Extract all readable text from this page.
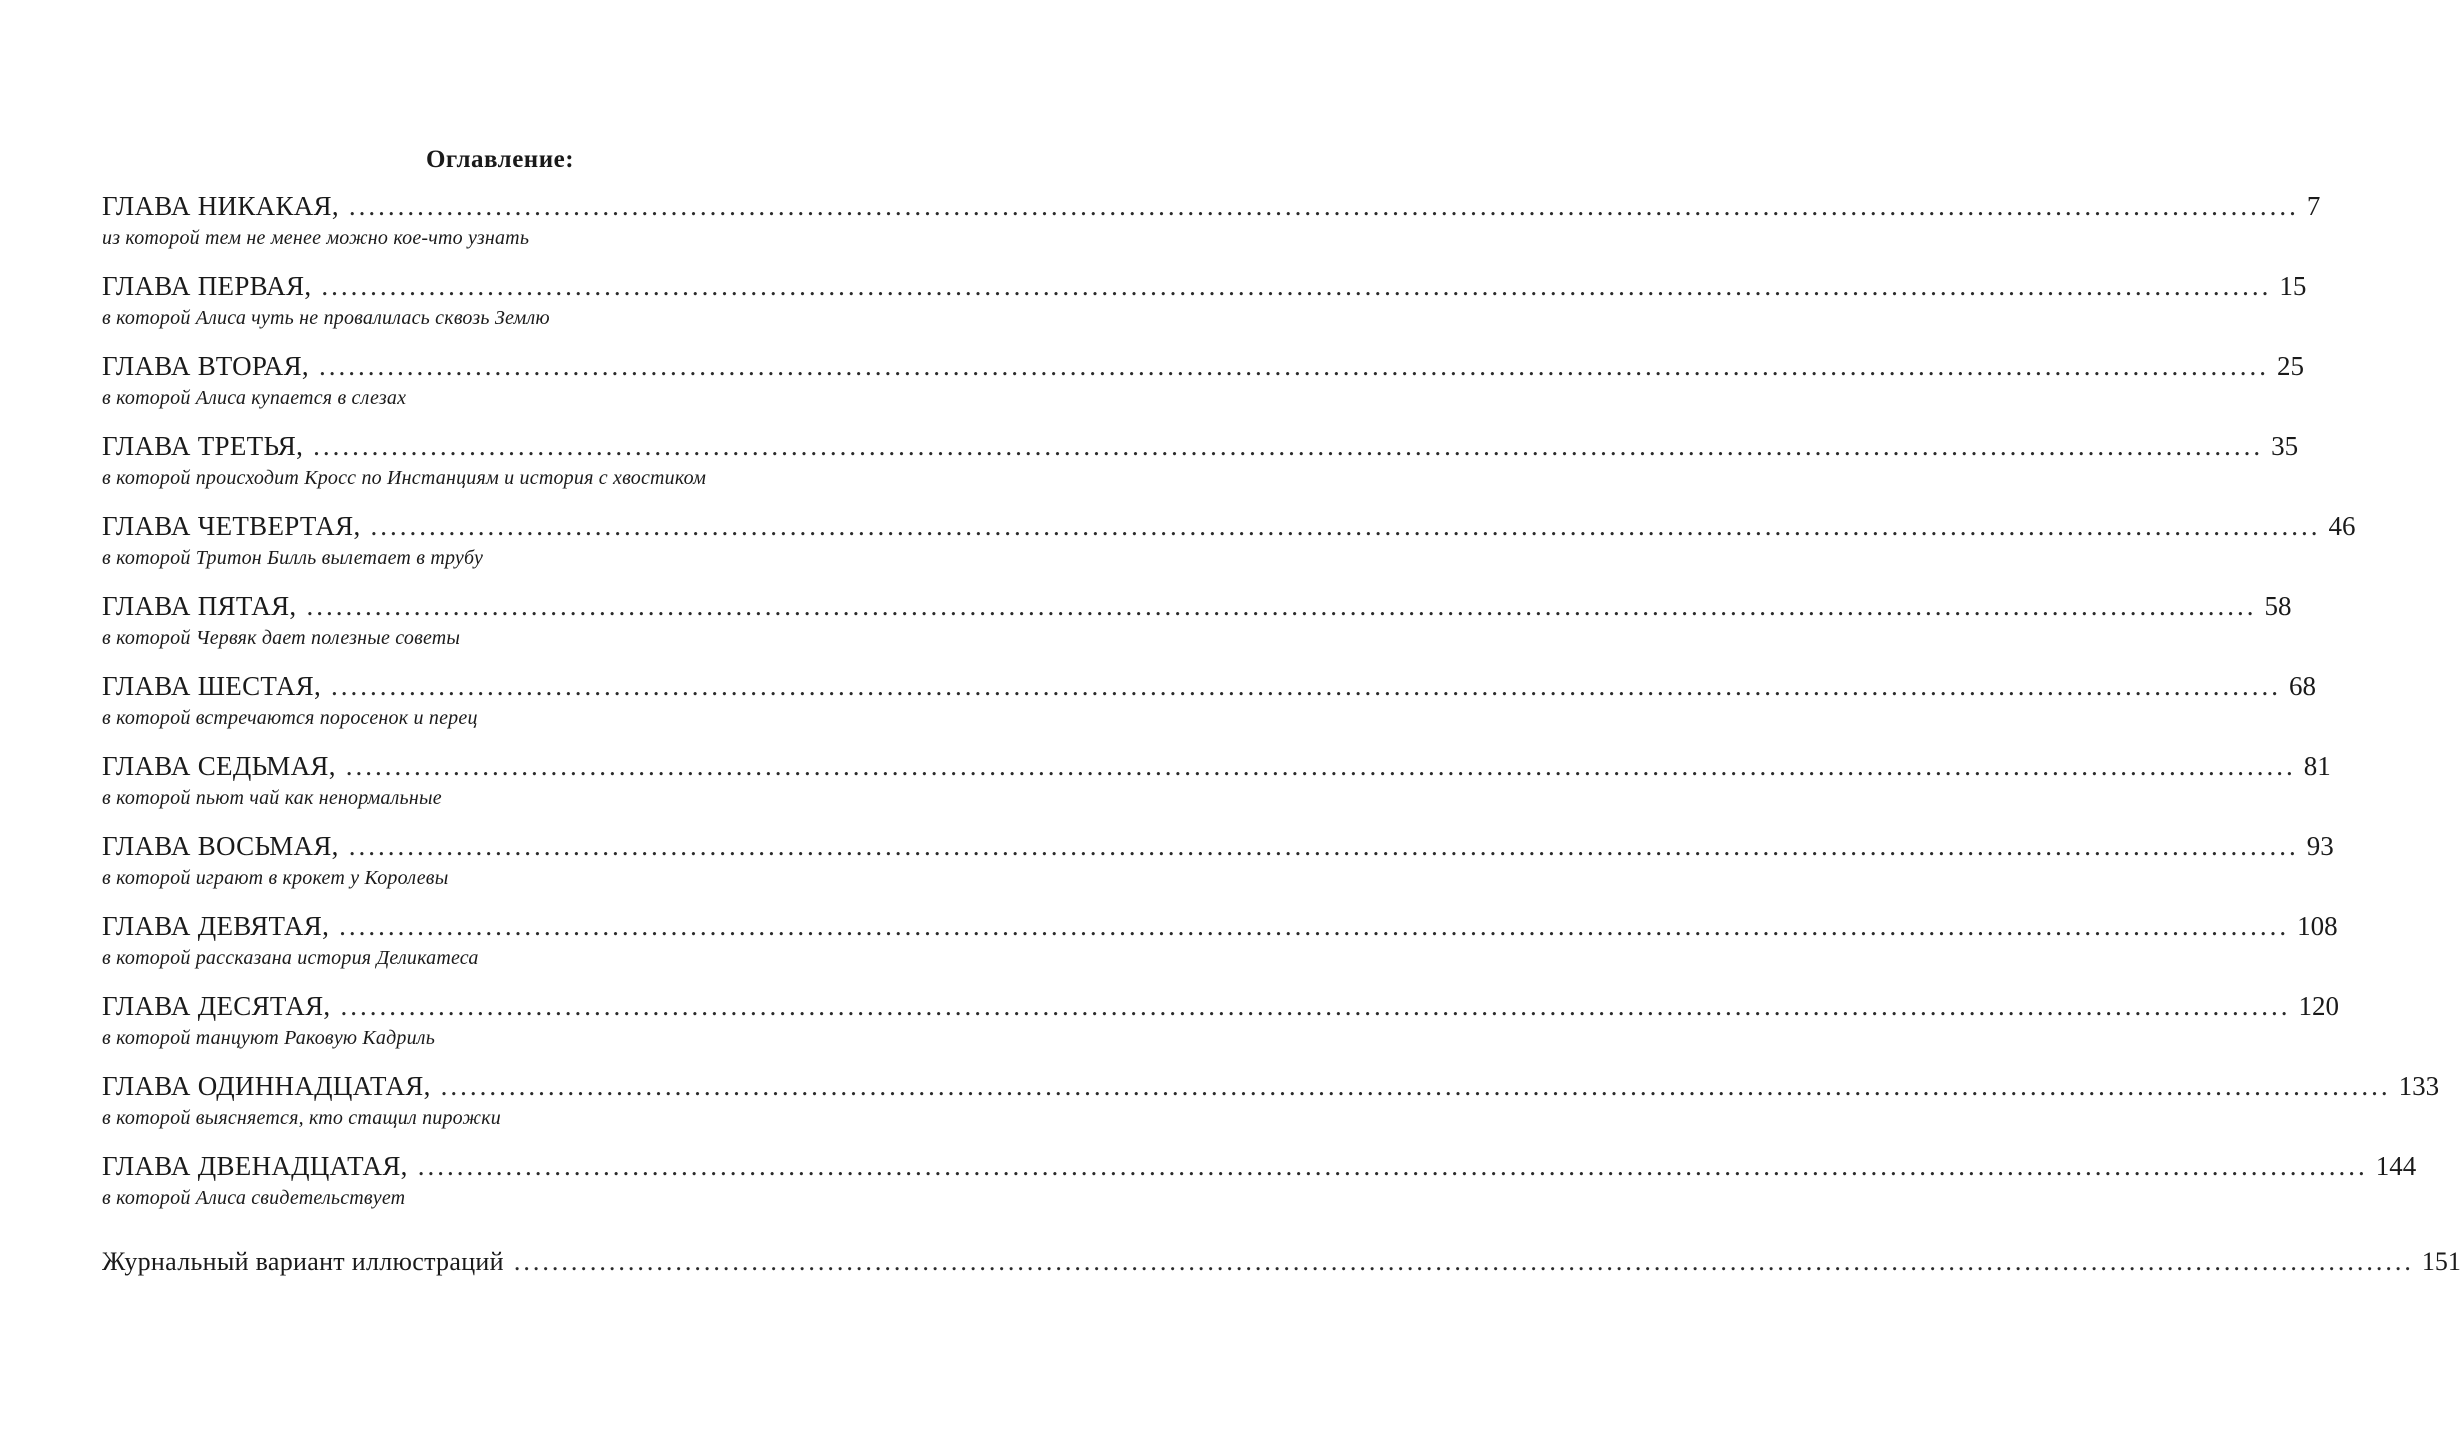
Оглавление:
ГЛАВА НИКАКАЯ, ........................................................................................................................................................................................................ 7
из которой тем не менее можно кое-что узнать
ГЛАВА ПЕРВАЯ, ........................................................................................................................................................................................................ 15
в которой Алиса чуть не провалилась сквозь Землю
ГЛАВА ВТОРАЯ, ........................................................................................................................................................................................................ 25
в которой Алиса купается в слезах
ГЛАВА ТРЕТЬЯ, ........................................................................................................................................................................................................ 35
в которой происходит Кросс по Инстанциям и история с хвостиком
ГЛАВА ЧЕТВЕРТАЯ, ........................................................................................................................................................................................................ 46
в которой Тритон Билль вылетает в трубу
ГЛАВА ПЯТАЯ, ........................................................................................................................................................................................................ 58
в которой Червяк дает полезные советы
ГЛАВА ШЕСТАЯ, ........................................................................................................................................................................................................ 68
в которой встречаются поросенок и перец
ГЛАВА СЕДЬМАЯ, ........................................................................................................................................................................................................ 81
в которой пьют чай как ненормальные
ГЛАВА ВОСЬМАЯ, ........................................................................................................................................................................................................ 93
в которой играют в крокет у Королевы
ГЛАВА ДЕВЯТАЯ, ........................................................................................................................................................................................................ 108
в которой рассказана история Деликатеса
ГЛАВА ДЕСЯТАЯ, ........................................................................................................................................................................................................ 120
в которой танцуют Раковую Кадриль
ГЛАВА ОДИННАДЦАТАЯ, ........................................................................................................................................................................................................ 133
в которой выясняется, кто стащил пирожки
ГЛАВА ДВЕНАДЦАТАЯ, ........................................................................................................................................................................................................ 144
в которой Алиса свидетельствует
Журнальный вариант иллюстраций ........................................................................................................................................................................................................ 151
